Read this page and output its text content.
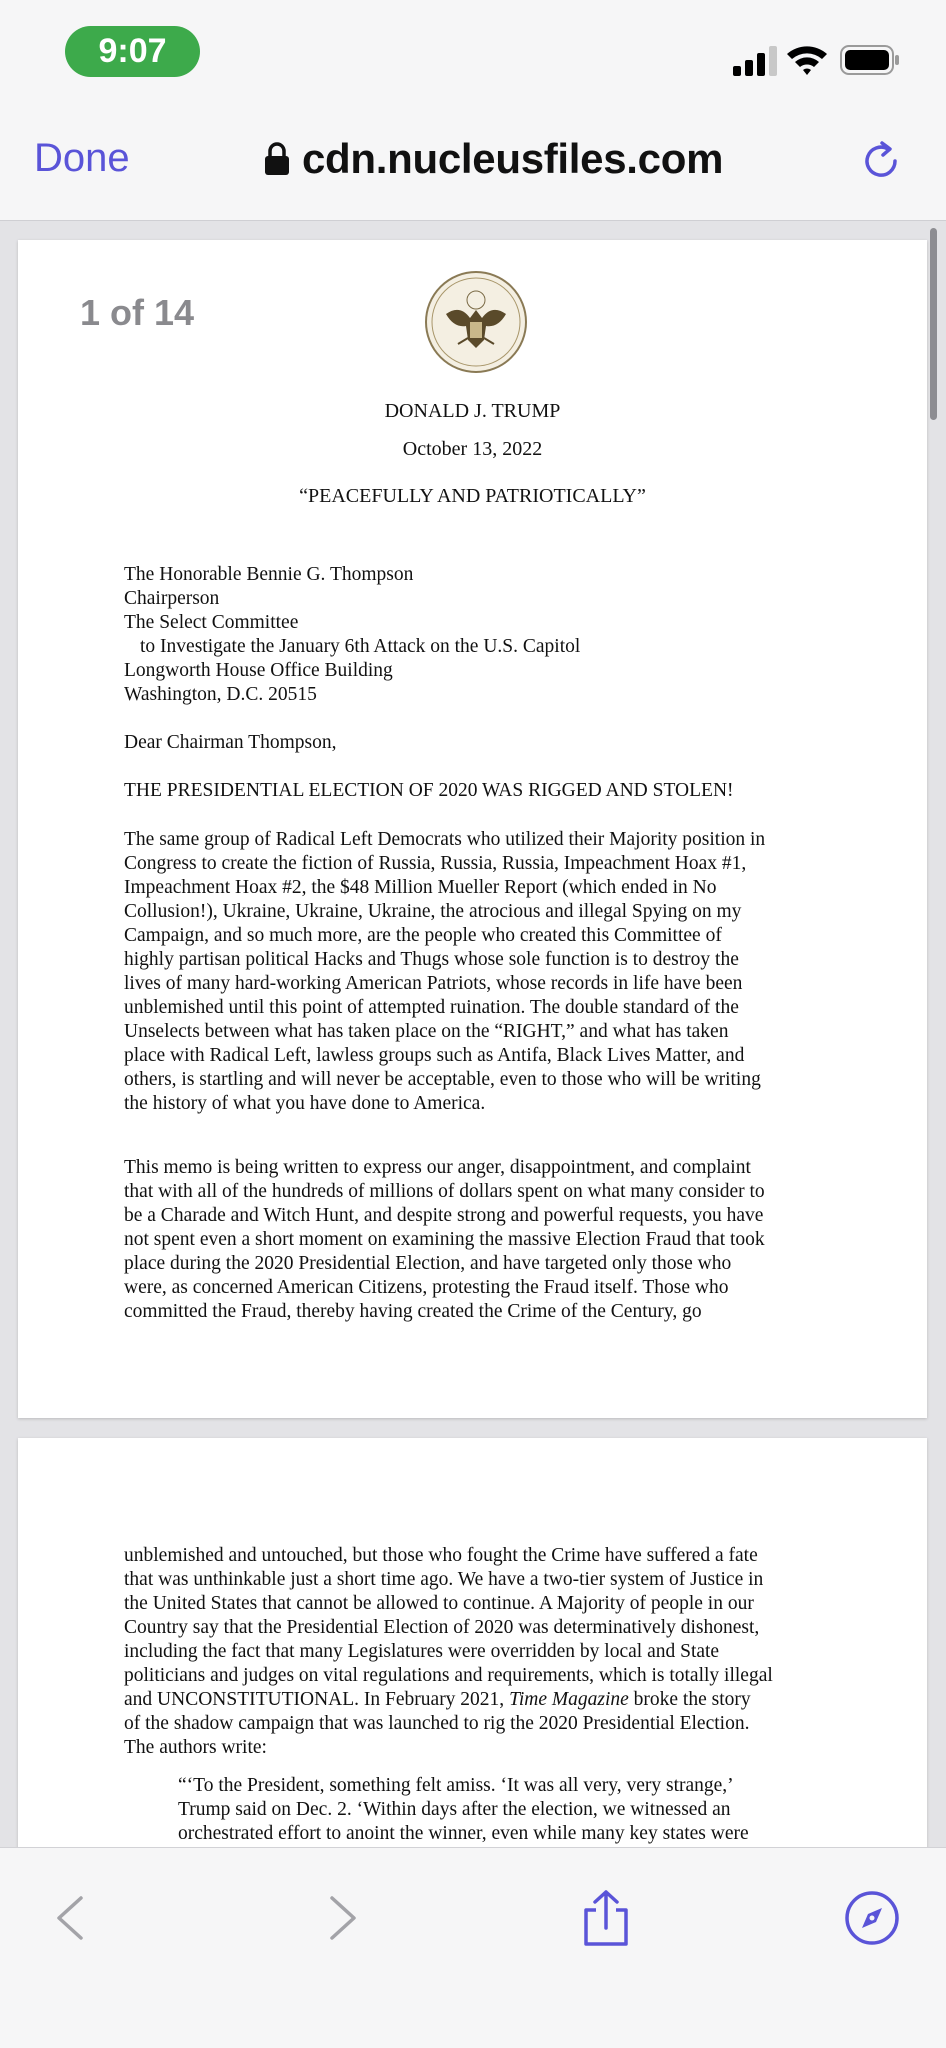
9:07
Done	cdn.nucleusfiles.com
1 of 14
DONALD J. TRUMP
October 13, 2022
“PEACEFULLY AND PATRIOTICALLY”
The Honorable Bennie G. Thompson
Chairperson
The Select Committee
to Investigate the January 6th Attack on the U.S. Capitol
Longworth House Office Building
Washington, D.C. 20515
Dear Chairman Thompson,
THE PRESIDENTIAL ELECTION OF 2020 WAS RIGGED AND STOLEN!
The same group of Radical Left Democrats who utilized their Majority position in
Congress to create the fiction of Russia, Russia, Russia, Impeachment Hoax #1,
Impeachment Hoax #2, the $48 Million Mueller Report (which ended in No
Collusion!), Ukraine, Ukraine, Ukraine, the atrocious and illegal Spying on my
Campaign, and so much more, are the people who created this Committee of
highly partisan political Hacks and Thugs whose sole function is to destroy the
lives of many hard-working American Patriots, whose records in life have been
unblemished until this point of attempted ruination. The double standard of the
Unselects between what has taken place on the “RIGHT,” and what has taken
place with Radical Left, lawless groups such as Antifa, Black Lives Matter, and
others, is startling and will never be acceptable, even to those who will be writing
the history of what you have done to America.
This memo is being written to express our anger, disappointment, and complaint
that with all of the hundreds of millions of dollars spent on what many consider to
be a Charade and Witch Hunt, and despite strong and powerful requests, you have
not spent even a short moment on examining the massive Election Fraud that took
place during the 2020 Presidential Election, and have targeted only those who
were, as concerned American Citizens, protesting the Fraud itself. Those who
committed the Fraud, thereby having created the Crime of the Century, go
unblemished and untouched, but those who fought the Crime have suffered a fate
that was unthinkable just a short time ago. We have a two-tier system of Justice in
the United States that cannot be allowed to continue. A Majority of people in our
Country say that the Presidential Election of 2020 was determinatively dishonest,
including the fact that many Legislatures were overridden by local and State
politicians and judges on vital regulations and requirements, which is totally illegal
and UNCONSTITUTIONAL. In February 2021, Time Magazine broke the story
of the shadow campaign that was launched to rig the 2020 Presidential Election.
The authors write:
“‘To the President, something felt amiss. ‘It was all very, very strange,’
Trump said on Dec. 2. ‘Within days after the election, we witnessed an
orchestrated effort to anoint the winner, even while many key states were
